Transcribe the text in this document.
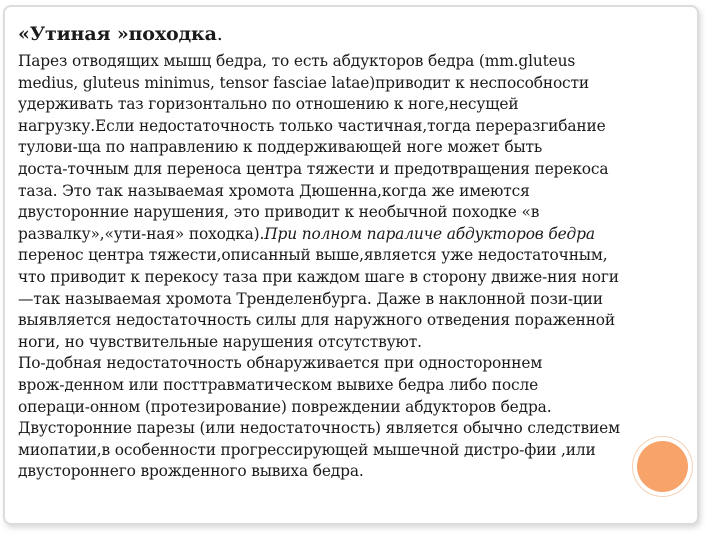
«Утиная »походка.
Парез отводящих мышц бедра, то есть абдукторов бедра (mm.gluteus
medius, gluteus minimus, tensor fasciae latae)приводит к неспособности
удерживать таз горизонтально по отношению к ноге,несущей
нагрузку.Если недостаточность только частичная,тогда переразгибание
тулови-ща по направлению к поддерживающей ноге может быть
доста-точным для переноса центра тяжести и предотвращения перекоса
таза. Это так называемая хромота Дюшенна,когда же имеются
двусторонние нарушения, это приводит к необычной походке «в
развалку»,«ути-ная» походка).При полном параличе абдукторов бедра
перенос центра тяжести,описанный выше,является уже недостаточным,
что приводит к перекосу таза при каждом шаге в сторону движе-ния ноги
—так называемая хромота Тренделенбурга. Даже в наклонной пози-ции
выявляется недостаточность силы для наружного отведения пораженной
ноги, но чувствительные нарушения отсутствуют.
По-добная недостаточность обнаруживается при одностороннем
врож-денном или посттравматическом вывихе бедра либо после
операци-онном (протезирование) повреждении абдукторов бедра.
Двусторонние парезы (или недостаточность) является обычно следствием
миопатии,в особенности прогрессирующей мышечной дистро-фии ,или
двустороннего врожденного вывиха бедра.
